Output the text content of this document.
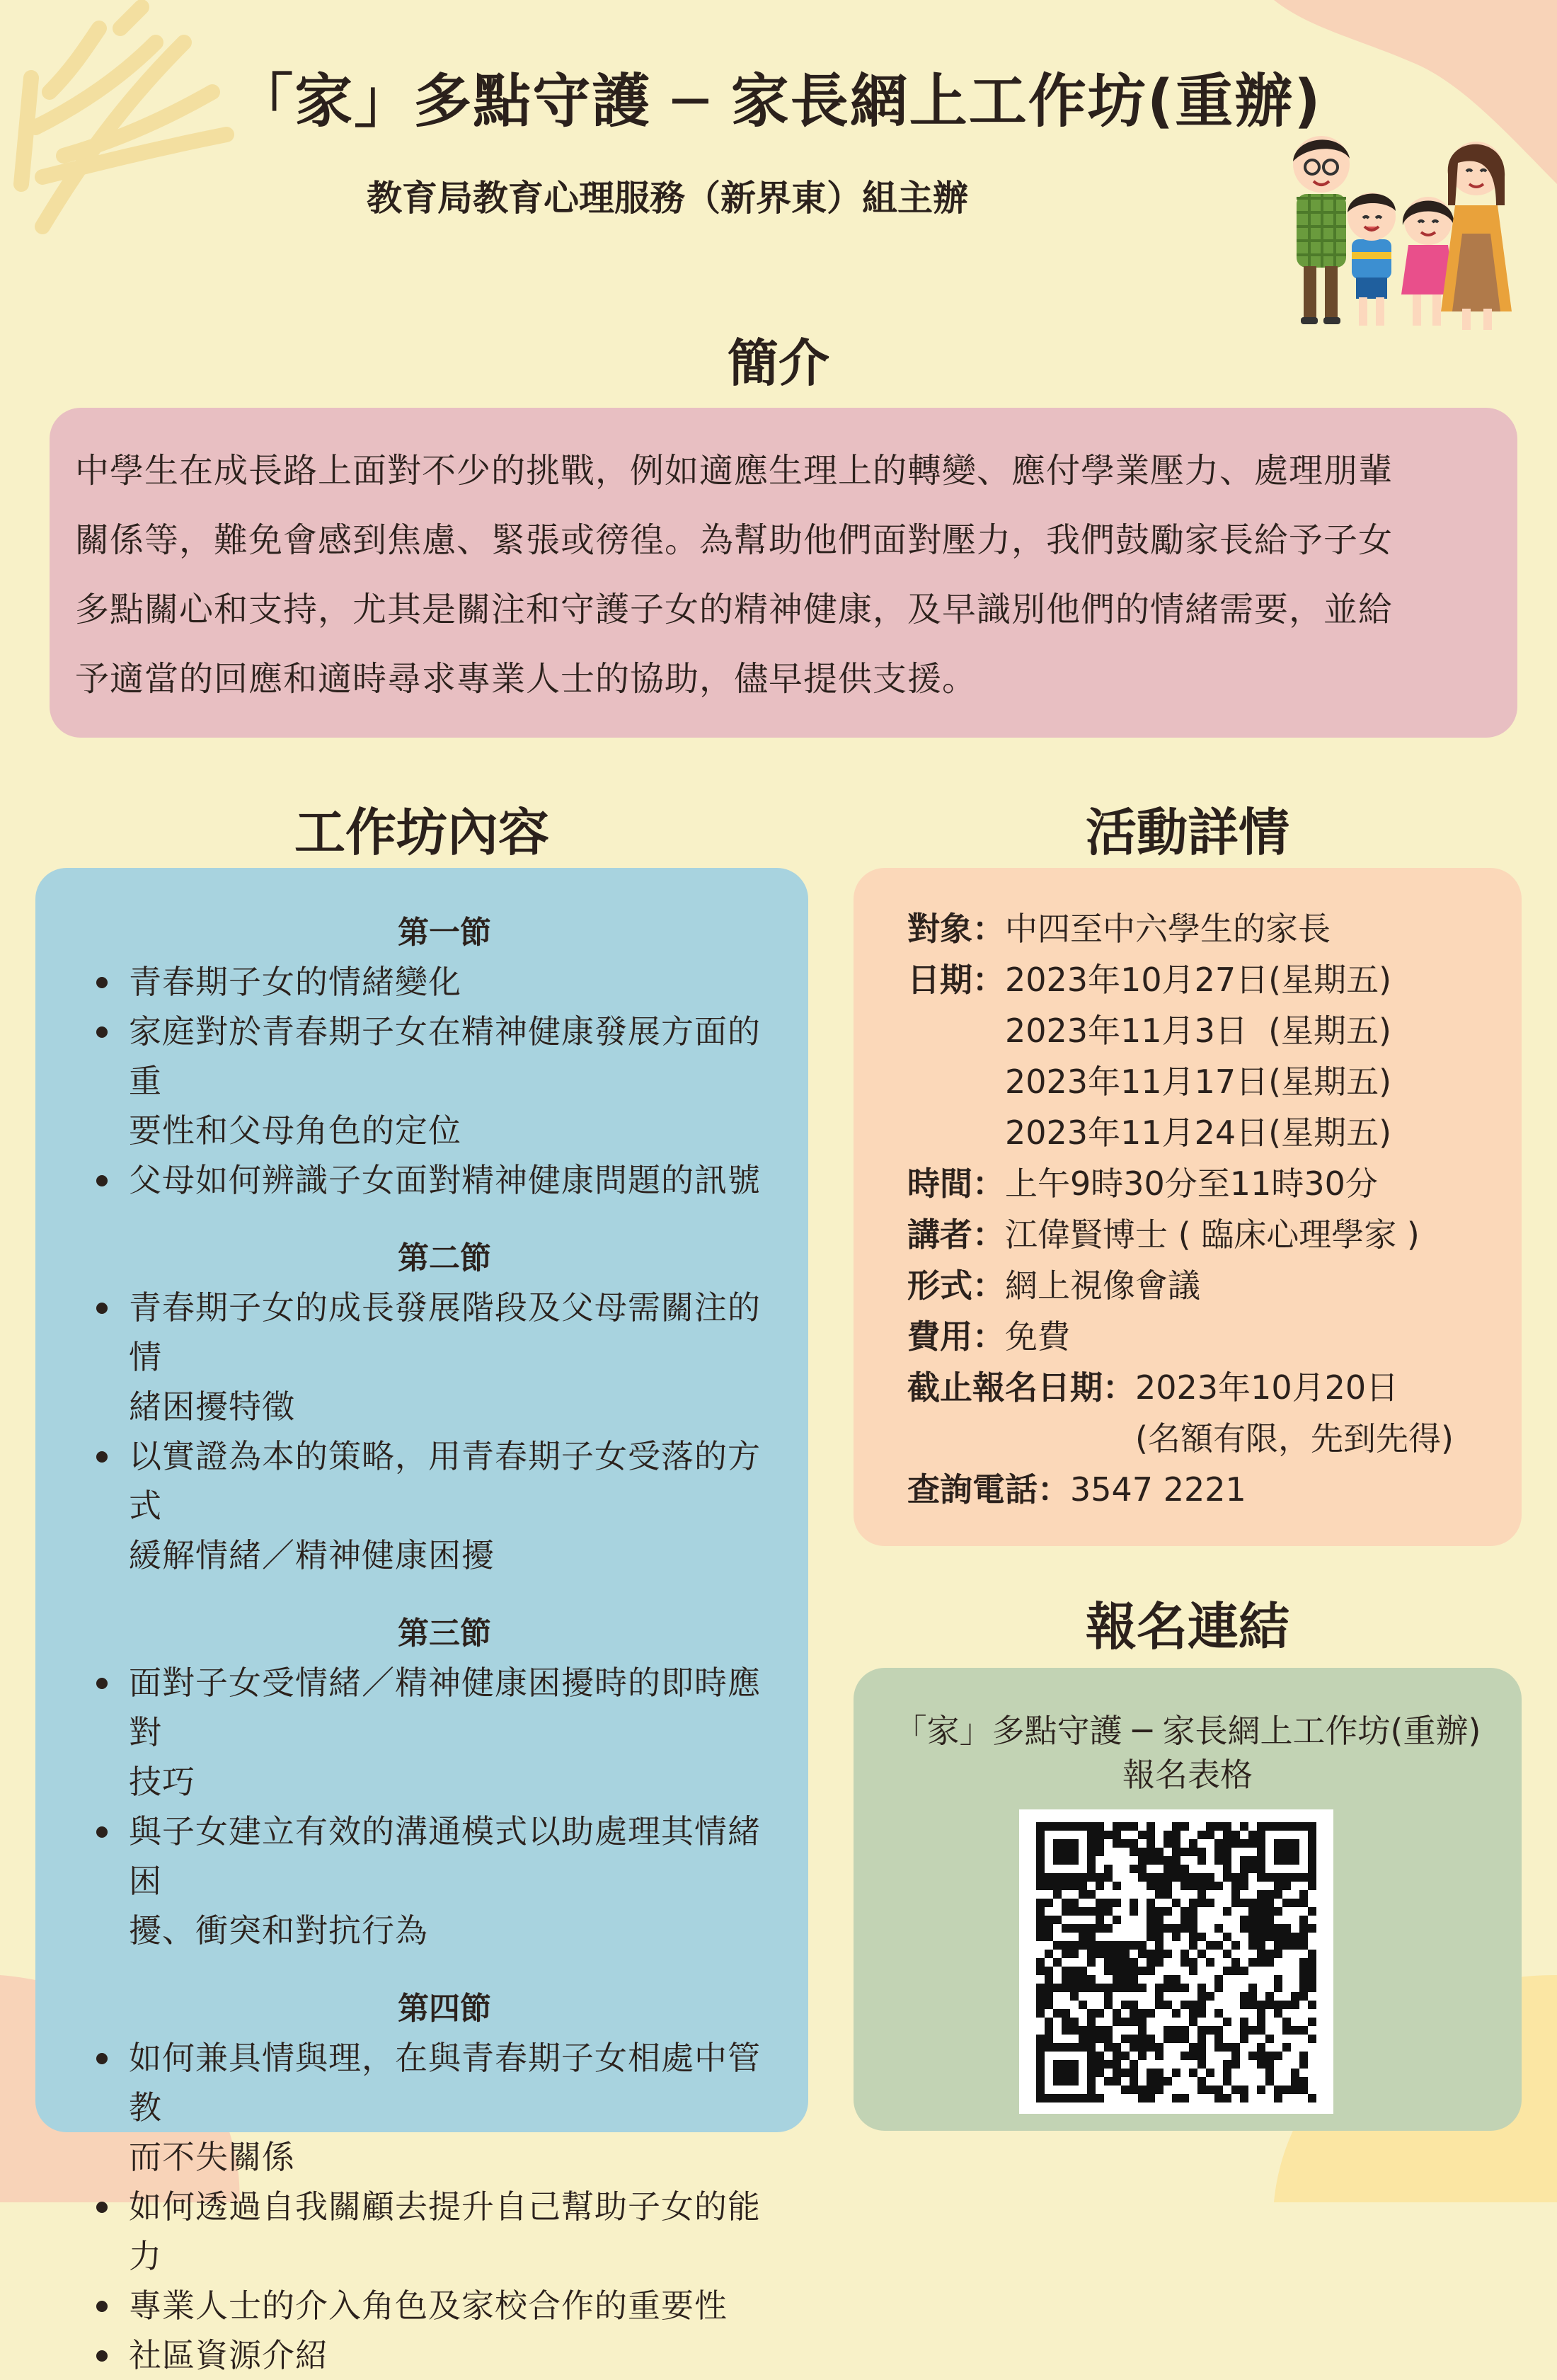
「家」多點守護 ─ 家長網上工作坊(重辦)
教育局教育心理服務（新界東）組主辦
簡介
中學生在成長路上面對不少的挑戰，例如適應生理上的轉變、應付學業壓力、處理朋輩
關係等，難免會感到焦慮、緊張或徬徨。為幫助他們面對壓力，我們鼓勵家長給予子女
多點關心和支持，尤其是關注和守護子女的精神健康，及早識別他們的情緒需要，並給
予適當的回應和適時尋求專業人士的協助，儘早提供支援。
工作坊內容
第一節
青春期子女的情緒變化
家庭對於青春期子女在精神健康發展方面的重
要性和父母角色的定位
父母如何辨識子女面對精神健康問題的訊號
第二節
青春期子女的成長發展階段及父母需關注的情
緒困擾特徵
以實證為本的策略，用青春期子女受落的方式
緩解情緒／精神健康困擾
第三節
面對子女受情緒／精神健康困擾時的即時應對
技巧
與子女建立有效的溝通模式以助處理其情緒困
擾、衝突和對抗行為
第四節
如何兼具情與理，在與青春期子女相處中管教
而不失關係
如何透過自我關顧去提升自己幫助子女的能力
專業人士的介入角色及家校合作的重要性
社區資源介紹
活動詳情
對象： 中四至中六學生的家長
日期： 2023年10月27日(星期五)
2023年11月3日  (星期五)
2023年11月17日(星期五)
2023年11月24日(星期五)
時間： 上午9時30分至11時30分
講者： 江偉賢博士 ( 臨床心理學家 )
形式： 網上視像會議
費用： 免費
截止報名日期： 2023年10月20日
(名額有限，先到先得)
查詢電話： 3547 2221
報名連結
「家」多點守護 ─ 家長網上工作坊(重辦)
報名表格
